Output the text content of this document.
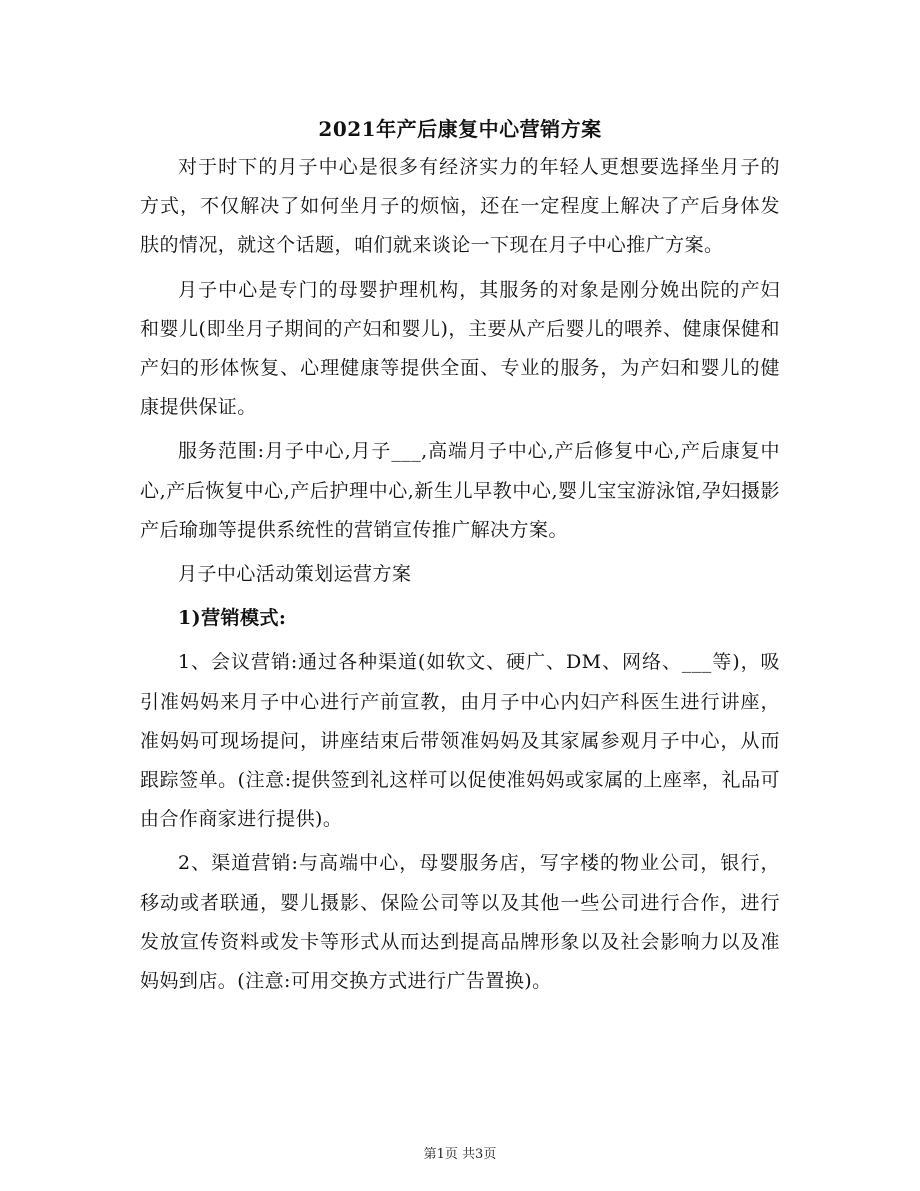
2021年产后康复中心营销方案

对于时下的月子中心是很多有经济实力的年轻人更想要选择坐月子的方式，不仅解决了如何坐月子的烦恼，还在一定程度上解决了产后身体发肤的情况，就这个话题，咱们就来谈论一下现在月子中心推广方案。

月子中心是专门的母婴护理机构，其服务的对象是刚分娩出院的产妇和婴儿(即坐月子期间的产妇和婴儿)，主要从产后婴儿的喂养、健康保健和产妇的形体恢复、心理健康等提供全面、专业的服务，为产妇和婴儿的健康提供保证。

服务范围:月子中心,月子___,高端月子中心,产后修复中心,产后康复中心,产后恢复中心,产后护理中心,新生儿早教中心,婴儿宝宝游泳馆,孕妇摄影产后瑜珈等提供系统性的营销宣传推广解决方案。

月子中心活动策划运营方案

1)营销模式:

1、会议营销:通过各种渠道(如软文、硬广、DM、网络、___等)，吸引准妈妈来月子中心进行产前宣教，由月子中心内妇产科医生进行讲座，准妈妈可现场提问，讲座结束后带领准妈妈及其家属参观月子中心，从而跟踪签单。(注意:提供签到礼这样可以促使准妈妈或家属的上座率，礼品可由合作商家进行提供)。

2、渠道营销:与高端中心，母婴服务店，写字楼的物业公司，银行，移动或者联通，婴儿摄影、保险公司等以及其他一些公司进行合作，进行发放宣传资料或发卡等形式从而达到提高品牌形象以及社会影响力以及准妈妈到店。(注意:可用交换方式进行广告置换)。

第1页 共3页
